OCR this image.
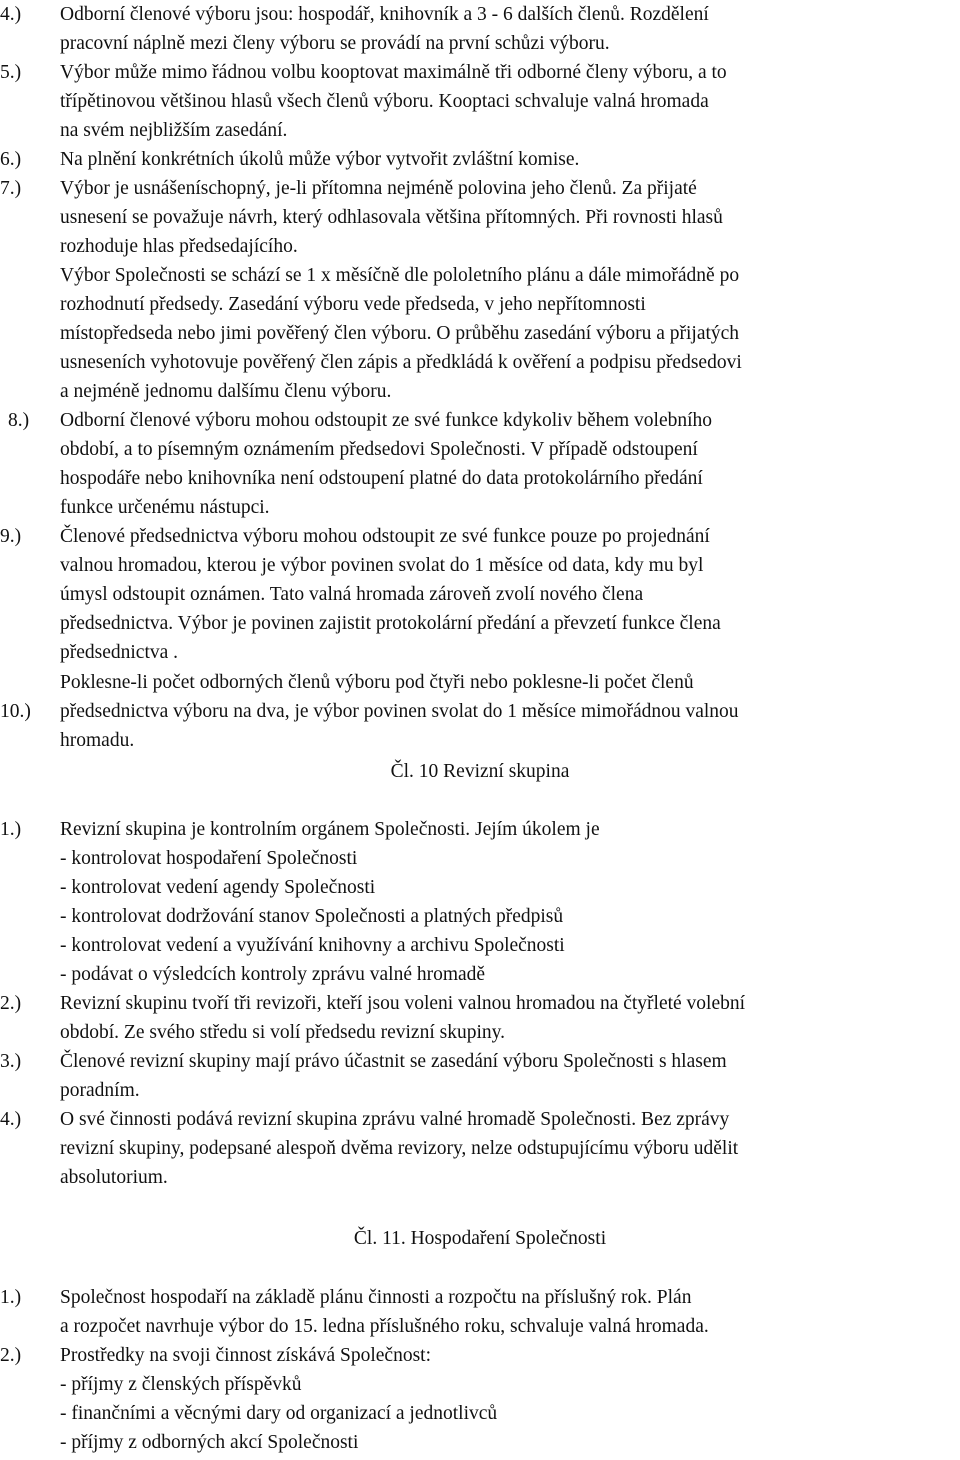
4.) Odborní členové výboru jsou: hospodář, knihovník a 3 - 6 dalších členů. Rozdělení
pracovní náplně mezi členy výboru se provádí na první schůzi výboru.
5.) Výbor může mimo řádnou volbu kooptovat maximálně tři odborné členy výboru, a to
třípětinovou většinou hlasů všech členů výboru. Kooptaci schvaluje valná hromada
na svém nejbližším zasedání.
6.) Na plnění konkrétních úkolů může výbor vytvořit zvláštní komise.
7.) Výbor je usnášeníschopný, je-li přítomna nejméně polovina jeho členů. Za přijaté
usnesení se považuje návrh, který odhlasovala většina přítomných. Při rovnosti hlasů
rozhoduje hlas předsedajícího.
Výbor Společnosti se schází se 1 x měsíčně dle pololetního plánu a dále mimořádně po
rozhodnutí předsedy. Zasedání výboru vede předseda, v jeho nepřítomnosti
místopředseda nebo jimi pověřený člen výboru. O průběhu zasedání výboru a přijatých
usneseních vyhotovuje pověřený člen zápis a předkládá k ověření a podpisu předsedovi
a nejméně jednomu dalšímu členu výboru.
8.) Odborní členové výboru mohou odstoupit ze své funkce kdykoliv během volebního
období, a to písemným oznámením předsedovi Společnosti. V případě odstoupení
hospodáře nebo knihovníka není odstoupení platné do data protokolárního předání
funkce určenému nástupci.
9.) Členové předsednictva výboru mohou odstoupit ze své funkce pouze po projednání
valnou hromadou, kterou je výbor povinen svolat do 1 měsíce od data, kdy mu byl
úmysl odstoupit oznámen. Tato valná hromada zároveň zvolí nového člena
předsednictva. Výbor je povinen zajistit protokolární předání a převzetí funkce člena
předsednictva .
10.)
Poklesne-li počet odborných členů výboru pod čtyři nebo poklesne-li počet členů
předsednictva výboru na dva, je výbor povinen svolat do 1 měsíce mimořádnou valnou
hromadu.
Čl. 10 Revizní skupina
1.) Revizní skupina je kontrolním orgánem Společnosti. Jejím úkolem je
- kontrolovat hospodaření Společnosti
- kontrolovat vedení agendy Společnosti
- kontrolovat dodržování stanov Společnosti a platných předpisů
- kontrolovat vedení a využívání knihovny a archivu Společnosti
- podávat o výsledcích kontroly zprávu valné hromadě
2.) Revizní skupinu tvoří tři revizoři, kteří jsou voleni valnou hromadou na čtyřleté volební
období. Ze svého středu si volí předsedu revizní skupiny.
3.) Členové revizní skupiny mají právo účastnit se zasedání výboru Společnosti s hlasem
poradním.
4.) O své činnosti podává revizní skupina zprávu valné hromadě Společnosti. Bez zprávy
revizní skupiny, podepsané alespoň dvěma revizory, nelze odstupujícímu výboru udělit
absolutorium.
Čl. 11. Hospodaření Společnosti
1.) Společnost hospodaří na základě plánu činnosti a rozpočtu na příslušný rok. Plán
a rozpočet navrhuje výbor do 15. ledna příslušného roku, schvaluje valná hromada.
2.) Prostředky na svoji činnost získává Společnost:
- příjmy z členských příspěvků
- finančními a věcnými dary od organizací a jednotlivců
- příjmy z odborných akcí Společnosti
